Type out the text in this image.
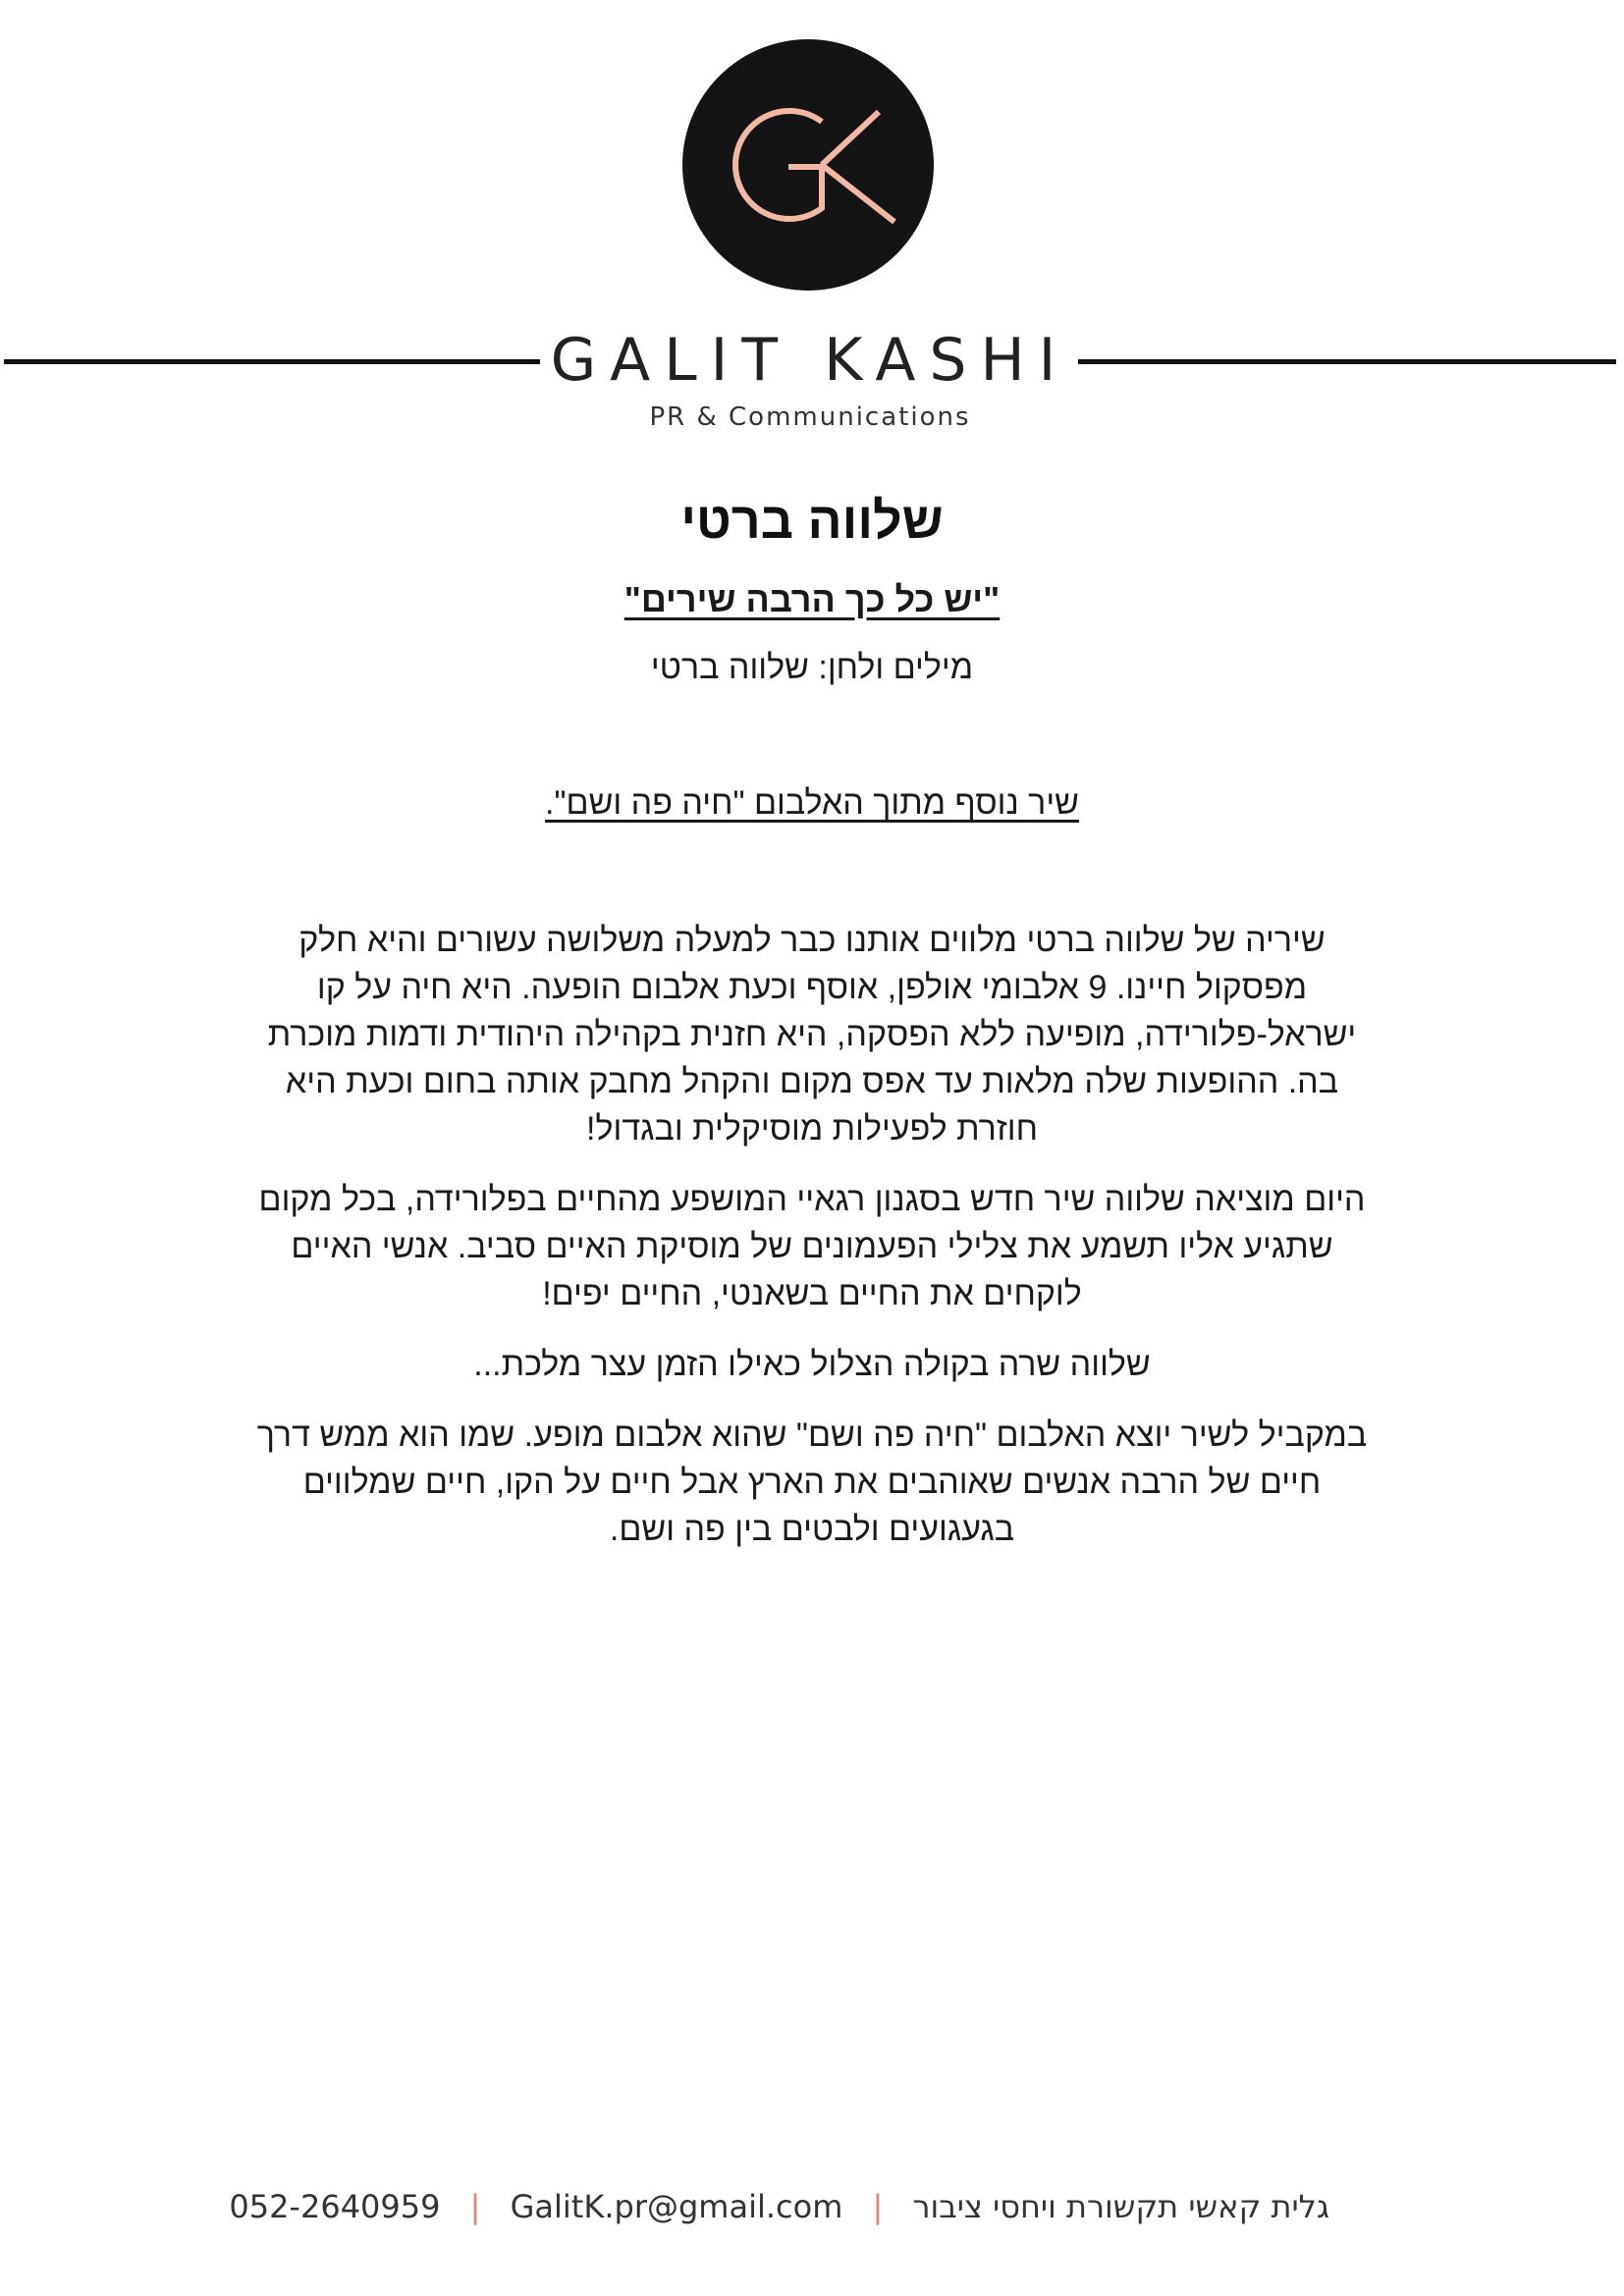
GALIT KASHI
PR & Communications
שלווה ברטי

"יש כל כך הרבה שירים"

מילים ולחן: שלווה ברטי

שיר נוסף מתוך האלבום "חיה פה ושם".

שיריה של שלווה ברטי מלווים אותנו כבר למעלה משלושה עשורים והיא חלק מפסקול חיינו. 9 אלבומי אולפן, אוסף וכעת אלבום הופעה. היא חיה על קו ישראל-פלורידה, מופיעה ללא הפסקה, היא חזנית בקהילה היהודית ודמות מוכרת בה. ההופעות שלה מלאות עד אפס מקום והקהל מחבק אותה בחום וכעת היא חוזרת לפעילות מוסיקלית ובגדול!

היום מוציאה שלווה שיר חדש בסגנון רגאיי המושפע מהחיים בפלורידה, בכל מקום שתגיע אליו תשמע את צלילי הפעמונים של מוסיקת האיים סביב. אנשי האיים לוקחים את החיים בשאנטי, החיים יפים!

שלווה שרה בקולה הצלול כאילו הזמן עצר מלכת...

במקביל לשיר יוצא האלבום "חיה פה ושם" שהוא אלבום מופע. שמו הוא ממש דרך חיים של הרבה אנשים שאוהבים את הארץ אבל חיים על הקו, חיים שמלווים בגעגועים ולבטים בין פה ושם.

גלית קאשי תקשורת ויחסי ציבור | 052-2640959 | GalitK.pr@gmail.com
